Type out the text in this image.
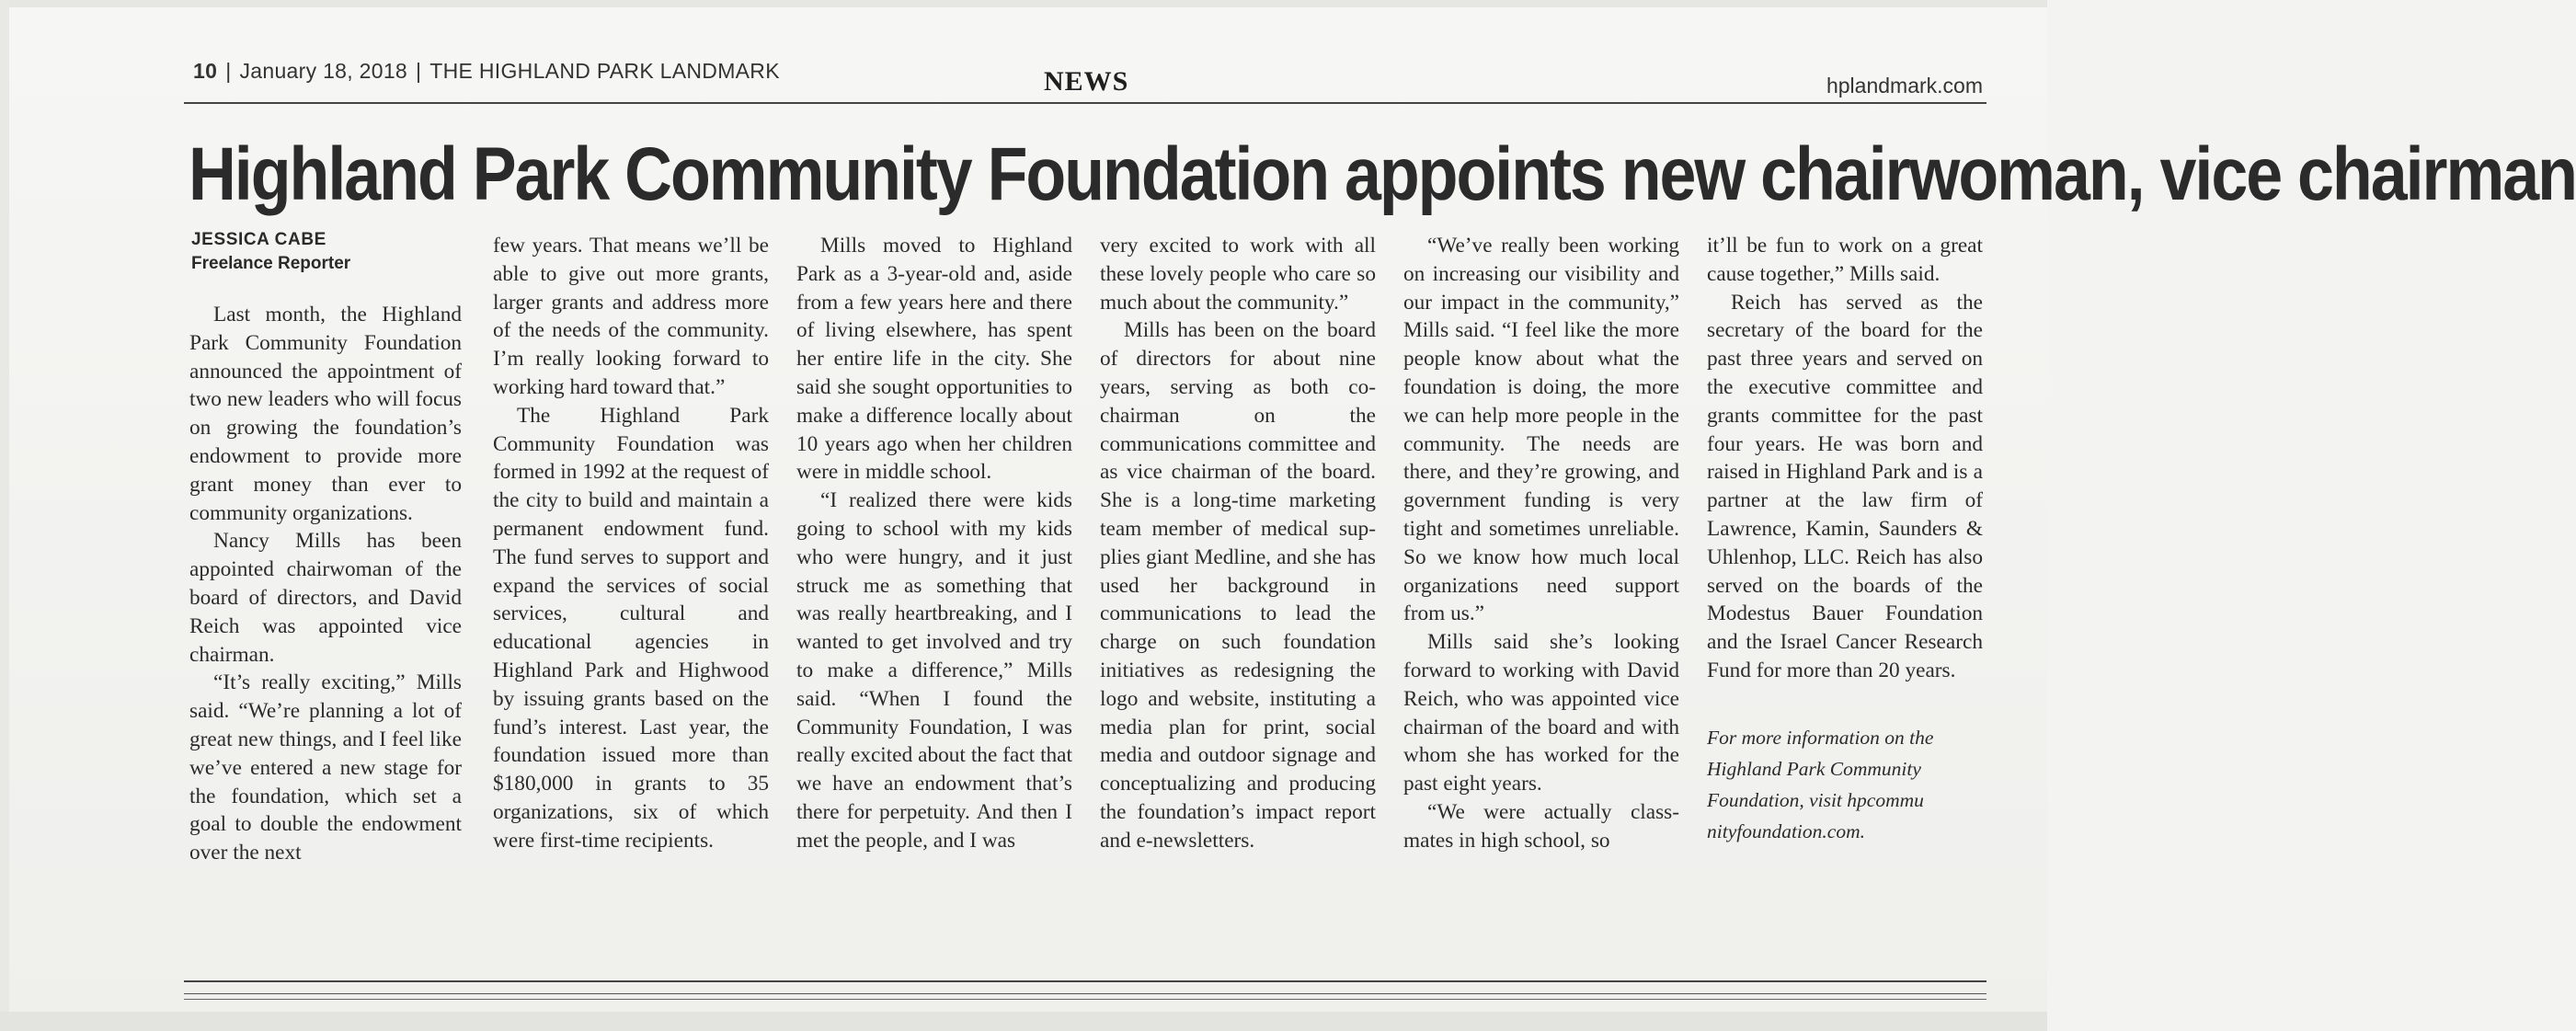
10 | January 18, 2018 | THE HIGHLAND PARK LANDMARK	NEWS	hplandmark.com
Highland Park Community Foundation appoints new chairwoman, vice chairman
JESSICA CABE
Freelance Reporter

Last month, the Highland Park Community Foundation announced the appointment of two new leaders who will focus on growing the foundation’s endowment to provide more grant money than ever to community organizations.

Nancy Mills has been appointed chairwoman of the board of directors, and David Reich was appointed vice chairman.

“It’s really exciting,” Mills said. “We’re planning a lot of great new things, and I feel like we’ve entered a new stage for the foundation, which set a goal to double the endowment over the next

few years. That means we’ll be able to give out more grants, larger grants and address more of the needs of the community. I’m really looking forward to working hard toward that.”

The Highland Park Community Foundation was formed in 1992 at the request of the city to build and maintain a permanent endowment fund. The fund serves to support and expand the services of social services, cultural and educational agencies in Highland Park and Highwood by issuing grants based on the fund’s interest. Last year, the foundation issued more than $180,000 in grants to 35 organizations, six of which were first-time recipients.

Mills moved to Highland Park as a 3-year-old and, aside from a few years here and there of living elsewhere, has spent her entire life in the city. She said she sought opportunities to make a difference locally about 10 years ago when her children were in middle school.

“I realized there were kids going to school with my kids who were hungry, and it just struck me as something that was really heartbreaking, and I wanted to get involved and try to make a difference,” Mills said. “When I found the Community Foundation, I was really excited about the fact that we have an endowment that’s there for perpetuity. And then I met the people, and I was

very excited to work with all these lovely people who care so much about the community.”

Mills has been on the board of directors for about nine years, serving as both co-chairman on the communications committee and as vice chairman of the board. She is a long-time marketing team member of medical supplies giant Medline, and she has used her background in communications to lead the charge on such foundation initiatives as redesigning the logo and website, instituting a media plan for print, social media and outdoor signage and conceptualizing and producing the foundation’s impact report and e-newsletters.

“We’ve really been working on increasing our visibility and our impact in the community,” Mills said. “I feel like the more people know about what the foundation is doing, the more we can help more people in the community. The needs are there, and they’re growing, and government funding is very tight and sometimes unreliable. So we know how much local organizations need support from us.”

Mills said she’s looking forward to working with David Reich, who was appointed vice chairman of the board and with whom she has worked for the past eight years.

“We were actually classmates in high school, so

it’ll be fun to work on a great cause together,” Mills said.

Reich has served as the secretary of the board for the past three years and served on the executive committee and grants committee for the past four years. He was born and raised in Highland Park and is a partner at the law firm of Lawrence, Kamin, Saunders & Uhlenhop, LLC. Reich has also served on the boards of the Modestus Bauer Foundation and the Israel Cancer Research Fund for more than 20 years.

For more information on the Highland Park Community Foundation, visit hpcommu nityfoundation.com.
